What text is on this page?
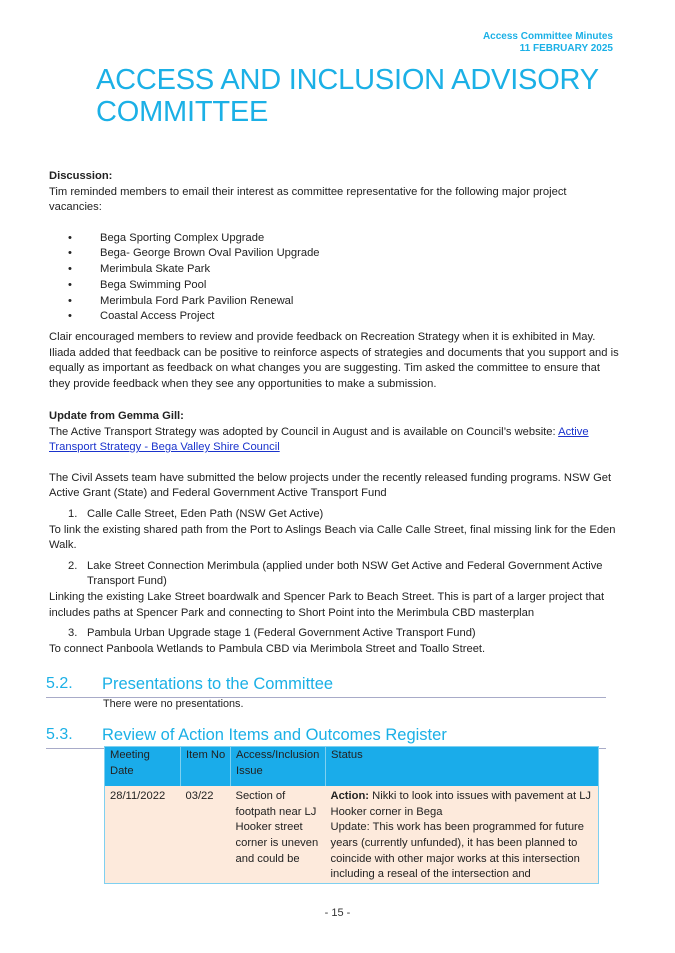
Access Committee Minutes
11 FEBRUARY 2025
ACCESS AND INCLUSION ADVISORY
COMMITTEE
Discussion:
Tim reminded members to email their interest as committee representative for the following major project vacancies:
• Bega Sporting Complex Upgrade
• Bega- George Brown Oval Pavilion Upgrade
• Merimbula Skate Park
• Bega Swimming Pool
• Merimbula Ford Park Pavilion Renewal
• Coastal Access Project
Clair encouraged members to review and provide feedback on Recreation Strategy when it is exhibited in May. Iliada added that feedback can be positive to reinforce aspects of strategies and documents that you support and is equally as important as feedback on what changes you are suggesting. Tim asked the committee to ensure that they provide feedback when they see any opportunities to make a submission.
Update from Gemma Gill:
The Active Transport Strategy was adopted by Council in August and is available on Council’s website: Active Transport Strategy - Bega Valley Shire Council
The Civil Assets team have submitted the below projects under the recently released funding programs. NSW Get Active Grant (State) and Federal Government Active Transport Fund
1. Calle Calle Street, Eden Path (NSW Get Active)
To link the existing shared path from the Port to Aslings Beach via Calle Calle Street, final missing link for the Eden Walk.
2. Lake Street Connection Merimbula (applied under both NSW Get Active and Federal Government Active Transport Fund)
Linking the existing Lake Street boardwalk and Spencer Park to Beach Street. This is part of a larger project that includes paths at Spencer Park and connecting to Short Point into the Merimbula CBD masterplan
3. Pambula Urban Upgrade stage 1 (Federal Government Active Transport Fund)
To connect Panboola Wetlands to Pambula CBD via Merimbola Street and Toallo Street.
5.2. Presentations to the Committee
There were no presentations.
5.3. Review of Action Items and Outcomes Register
Meeting Date	Item No	Access/Inclusion Issue	Status
28/11/2022	03/22	Section of footpath near LJ Hooker street corner is uneven and could be	Action: Nikki to look into issues with pavement at LJ Hooker corner in Bega
Update: This work has been programmed for future years (currently unfunded), it has been planned to coincide with other major works at this intersection including a reseal of the intersection and
- 15 -
